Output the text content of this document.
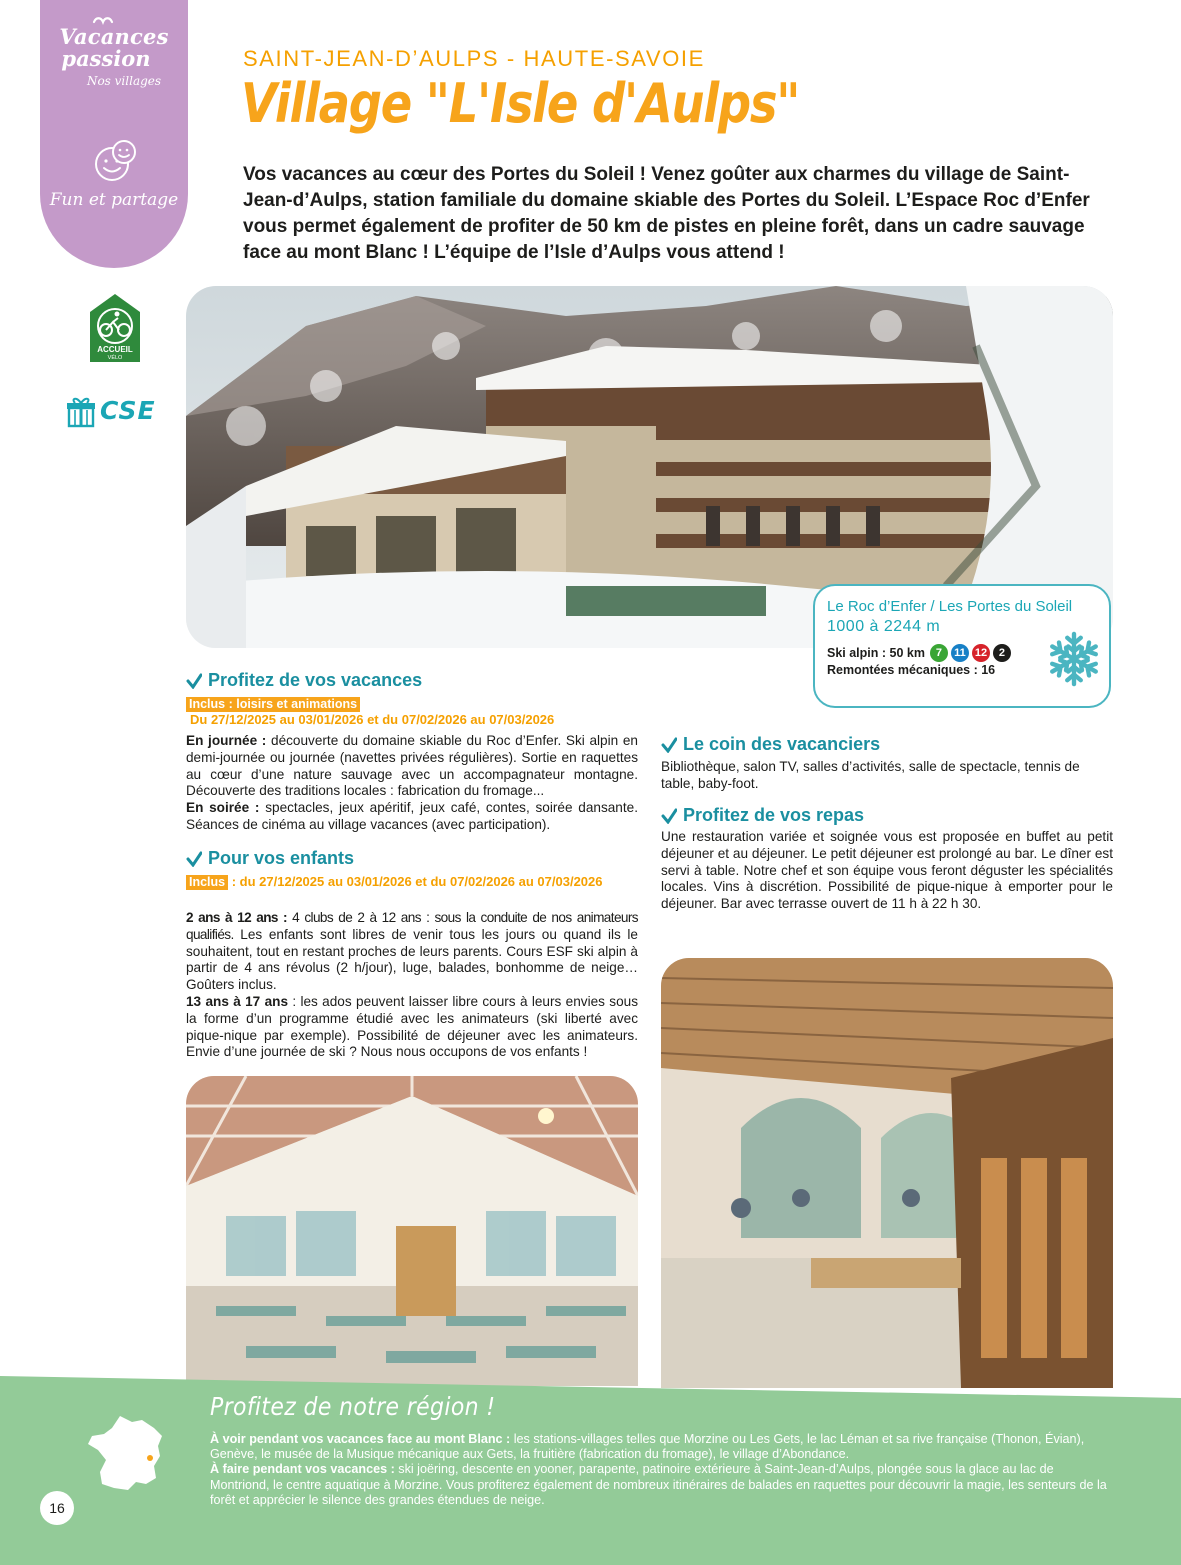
Vacances
passion
Nos villages
Fun et partage
ACCUEIL
VÉLO
CSE
SAINT-JEAN-D’AULPS - HAUTE-SAVOIE
Village "L'Isle d'Aulps"
Vos vacances au cœur des Portes du Soleil ! Venez goûter aux charmes du village de Saint-Jean-d’Aulps, station familiale du domaine skiable des Portes du Soleil. L’Espace Roc d’Enfer vous permet également de profiter de 50 km de pistes en pleine forêt, dans un cadre sauvage face au mont Blanc ! L’équipe de l’Isle d’Aulps vous attend !
Le Roc d’Enfer / Les Portes du Soleil
1000 à 2244 m
Ski alpin : 50 km 7	11 12	2
Remontées mécaniques : 16
Profitez de vos vacances
Inclus : loisirs et animations
Du 27/12/2025 au 03/01/2026 et du 07/02/2026 au 07/03/2026
En journée : découverte du domaine skiable du Roc d’Enfer. Ski alpin en demi-journée ou journée (navettes privées régulières). Sortie en raquettes au cœur d’une nature sauvage avec un accompagnateur montagne. Découverte des traditions locales : fabrication du fromage...
En soirée : spectacles, jeux apéritif, jeux café, contes, soirée dansante. Séances de cinéma au village vacances (avec participation).
Pour vos enfants
Inclus : du 27/12/2025 au 03/01/2026 et du 07/02/2026 au 07/03/2026
2 ans à 12 ans : 4 clubs de 2 à 12 ans : sous la conduite de nos animateurs qualifiés. Les enfants sont libres de venir tous les jours ou quand ils le souhaitent, tout en restant proches de leurs parents. Cours ESF ski alpin à partir de 4 ans révolus (2 h/jour), luge, balades, bonhomme de neige… Goûters inclus.
13 ans à 17 ans : les ados peuvent laisser libre cours à leurs envies sous la forme d’un programme étudié avec les animateurs (ski liberté avec pique-nique par exemple). Possibilité de déjeuner avec les animateurs. Envie d’une journée de ski ? Nous nous occupons de vos enfants !
Le coin des vacanciers
Bibliothèque, salon TV, salles d’activités, salle de spectacle, tennis de table, baby-foot.
Profitez de vos repas
Une restauration variée et soignée vous est proposée en buffet au petit déjeuner et au déjeuner. Le petit déjeuner est prolongé au bar. Le dîner est servi à table. Notre chef et son équipe vous feront déguster les spécialités locales. Vins à discrétion. Possibilité de pique-nique à emporter pour le déjeuner. Bar avec terrasse ouvert de 11 h à 22 h 30.
Profitez de notre région !
À voir pendant vos vacances face au mont Blanc : les stations-villages telles que Morzine ou Les Gets, le lac Léman et sa rive française (Thonon, Évian), Genève, le musée de la Musique mécanique aux Gets, la fruitière (fabrication du fromage), le village d’Abondance.
À faire pendant vos vacances : ski joëring, descente en yooner, parapente, patinoire extérieure à Saint-Jean-d’Aulps, plongée sous la glace au lac de Montriond, le centre aquatique à Morzine. Vous profiterez également de nombreux itinéraires de balades en raquettes pour découvrir la magie, les senteurs de la forêt et apprécier le silence des grandes étendues de neige.
16
